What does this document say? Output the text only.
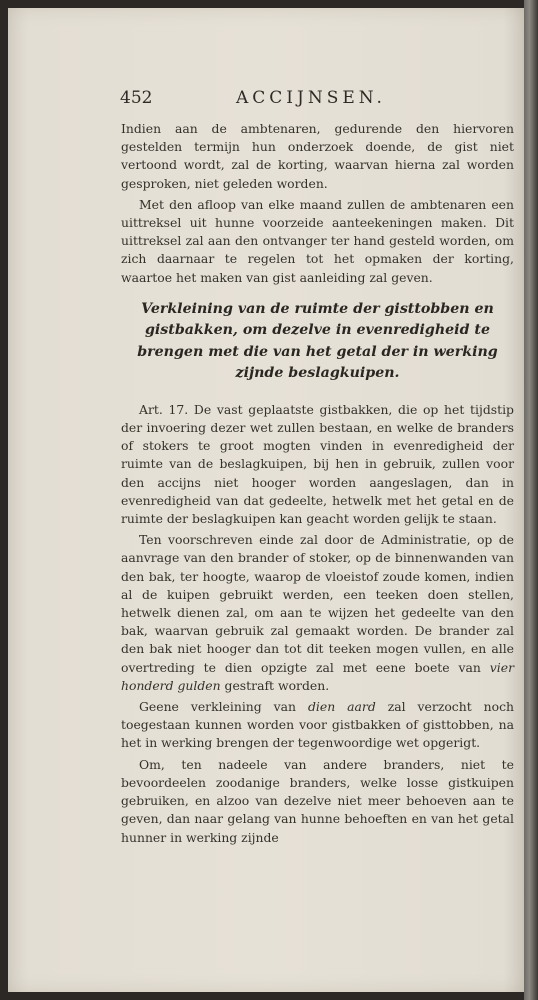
452	ACCIJNSEN.

Indien aan de ambtenaren, gedurende den hiervoren gestelden termijn hun onderzoek doende, de gist niet vertoond wordt, zal de korting, waarvan hierna zal worden gesproken, niet geleden worden.

Met den afloop van elke maand zullen de ambtenaren een uittreksel uit hunne voorzeide aanteekeningen maken. Dit uittreksel zal aan den ontvanger ter hand gesteld worden, om zich daarnaar te regelen tot het opmaken der korting, waartoe het maken van gist aanleiding zal geven.

Verkleining van de ruimte der gisttobben en gistbakken, om dezelve in evenredigheid te brengen met die van het getal der in werking zijnde beslagkuipen.

Art. 17. De vast geplaatste gistbakken, die op het tijdstip der invoering dezer wet zullen bestaan, en welke de branders of stokers te groot mogten vinden in evenredigheid der ruimte van de beslagkuipen, bij hen in gebruik, zullen voor den accijns niet hooger worden aangeslagen, dan in evenredigheid van dat gedeelte, hetwelk met het getal en de ruimte der beslagkuipen kan geacht worden gelijk te staan.

Ten voorschreven einde zal door de Administratie, op de aanvrage van den brander of stoker, op de binnenwanden van den bak, ter hoogte, waarop de vloeistof zoude komen, indien al de kuipen gebruikt werden, een teeken doen stellen, hetwelk dienen zal, om aan te wijzen het gedeelte van den bak, waarvan gebruik zal gemaakt worden. De brander zal den bak niet hooger dan tot dit teeken mogen vullen, en alle overtreding te dien opzigte zal met eene boete van vier honderd gulden gestraft worden.

Geene verkleining van dien aard zal verzocht noch toegestaan kunnen worden voor gistbakken of gisttobben, na het in werking brengen der tegenwoordige wet opgerigt.

Om, ten nadeele van andere branders, niet te bevoordeelen zoodanige branders, welke losse gistkuipen gebruiken, en alzoo van dezelve niet meer behoeven aan te geven, dan naar gelang van hunne behoeften en van het getal hunner in werking zijnde
